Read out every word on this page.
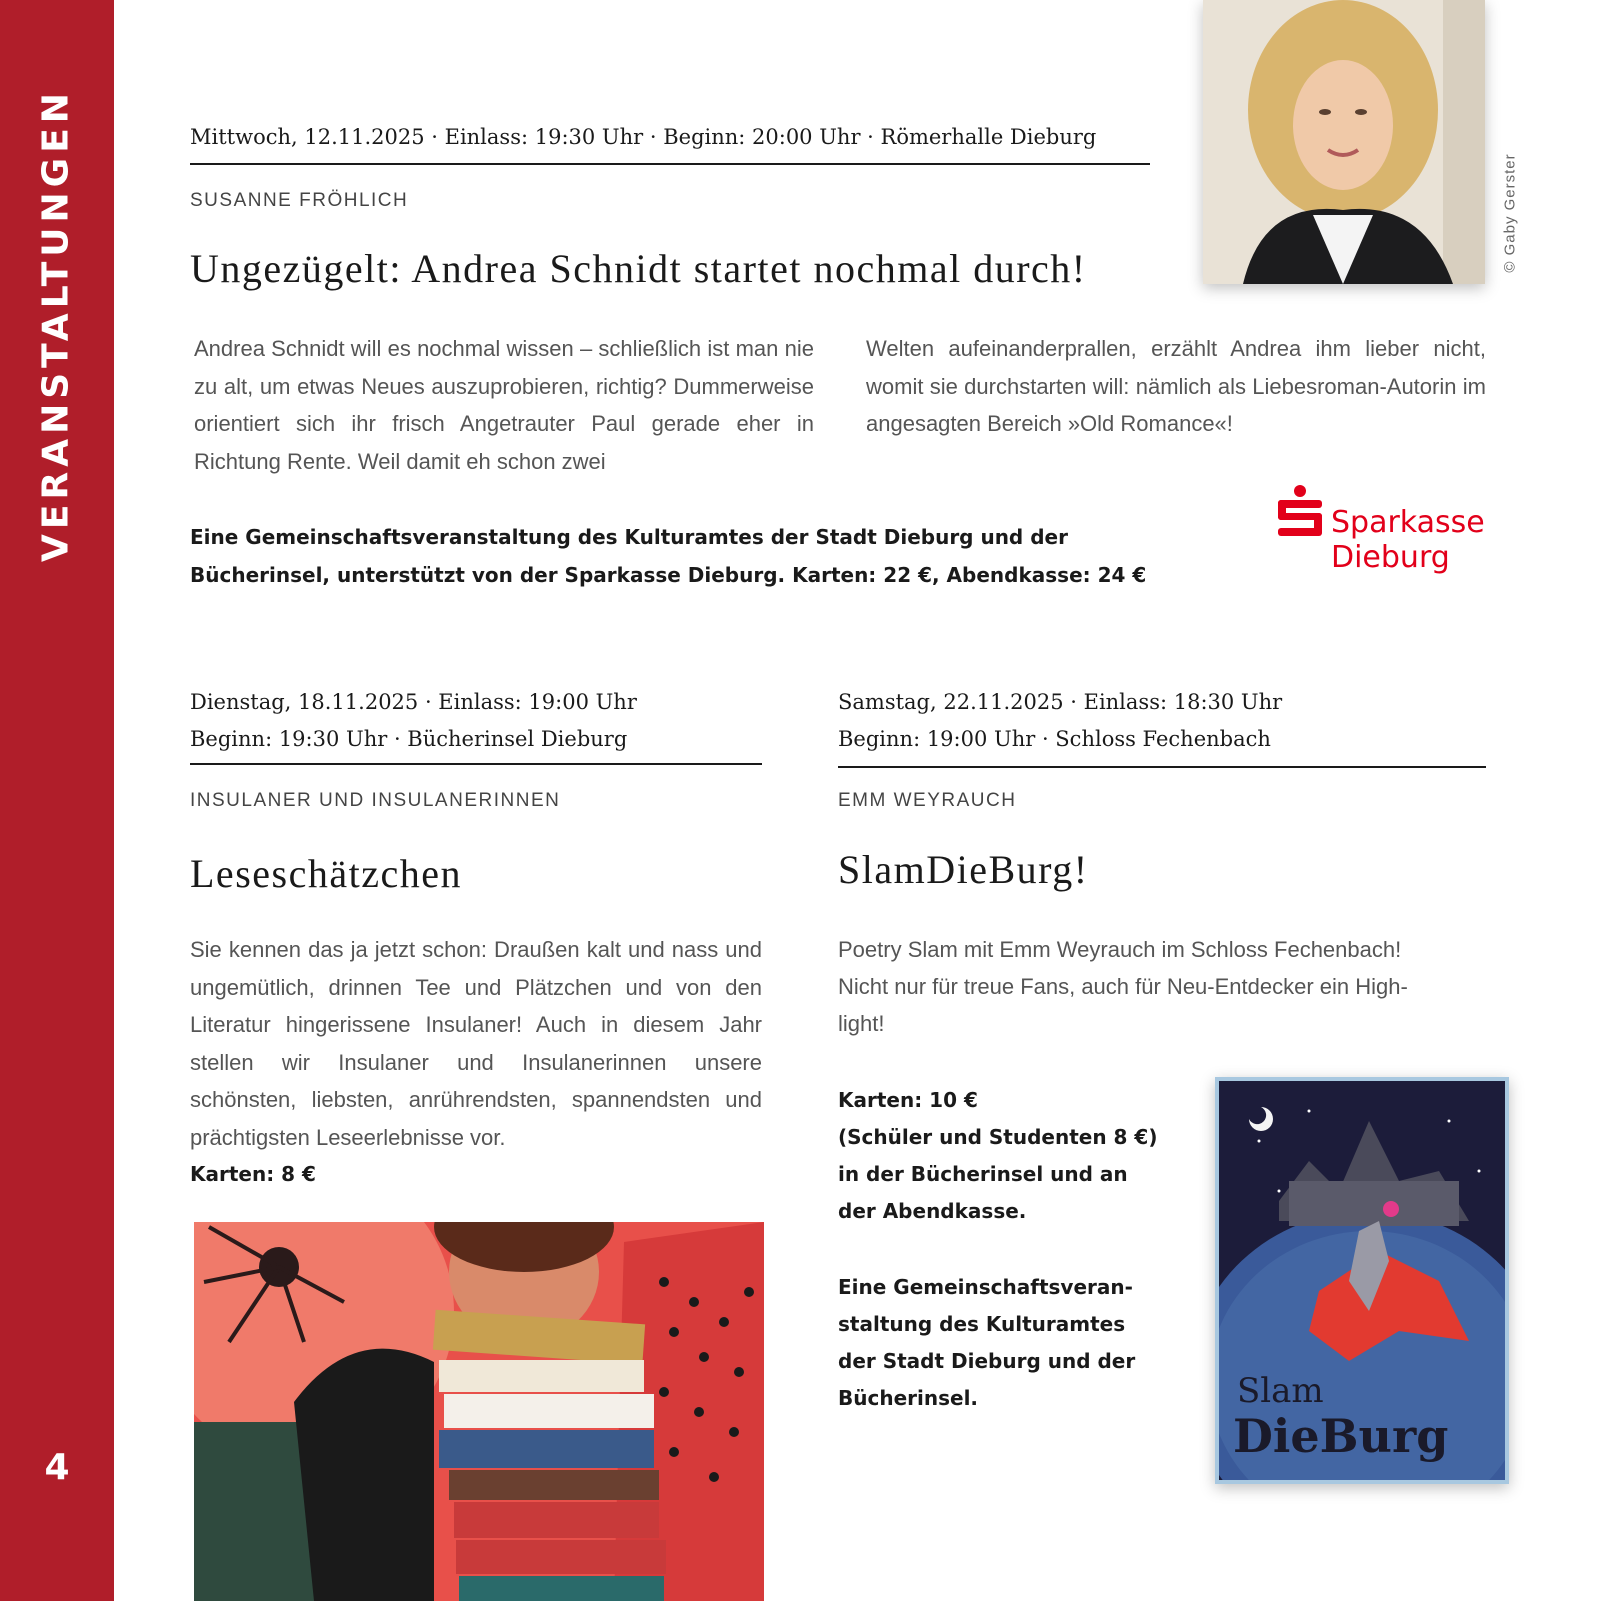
VERANSTALTUNGEN
4
Mittwoch, 12.11.2025 · Einlass: 19:30 Uhr · Beginn: 20:00 Uhr · Römerhalle Dieburg
SUSANNE FRÖHLICH
Ungezügelt: Andrea Schnidt startet nochmal durch!
Andrea Schnidt will es nochmal wissen – schließlich ist man nie zu alt, um etwas Neues auszuprobieren, richtig? Dummerweise orientiert sich ihr frisch Angetrauter Paul gerade eher in Richtung Rente. Weil damit eh schon zwei
Welten aufeinanderprallen, erzählt Andrea ihm lieber nicht, womit sie durchstarten will: nämlich als Liebesroman-Autorin im angesagten Bereich »Old Romance«!
Eine Gemeinschaftsveranstaltung des Kulturamtes der Stadt Dieburg und der
Bücherinsel, unterstützt von der Sparkasse Dieburg. Karten: 22 €, Abendkasse: 24 €
© Gaby Gerster
Sparkasse
Dieburg
Dienstag, 18.11.2025 · Einlass: 19:00 Uhr
Beginn: 19:30 Uhr · Bücherinsel Dieburg
INSULANER UND INSULANERINNEN
Leseschätzchen
Sie kennen das ja jetzt schon: Draußen kalt und nass und ungemütlich, drinnen Tee und Plätzchen und von den Literatur hingerissene Insulaner! Auch in diesem Jahr stellen wir Insulaner und Insulanerinnen unsere schönsten, liebsten, anrührendsten, spannendsten und prächtigsten Leseerlebnisse vor.
Karten: 8 €
Samstag, 22.11.2025 · Einlass: 18:30 Uhr
Beginn: 19:00 Uhr · Schloss Fechenbach
EMM WEYRAUCH
SlamDieBurg!
Poetry Slam mit Emm Weyrauch im Schloss Fechenbach!
Nicht nur für treue Fans, auch für Neu-Entdecker ein High-
light!
Karten: 10 €
(Schüler und Studenten 8 €)
in der Bücherinsel und an
der Abendkasse.
Eine Gemeinschaftsveran-
staltung des Kulturamtes
der Stadt Dieburg und der
Bücherinsel.	Slam
DieBurg
